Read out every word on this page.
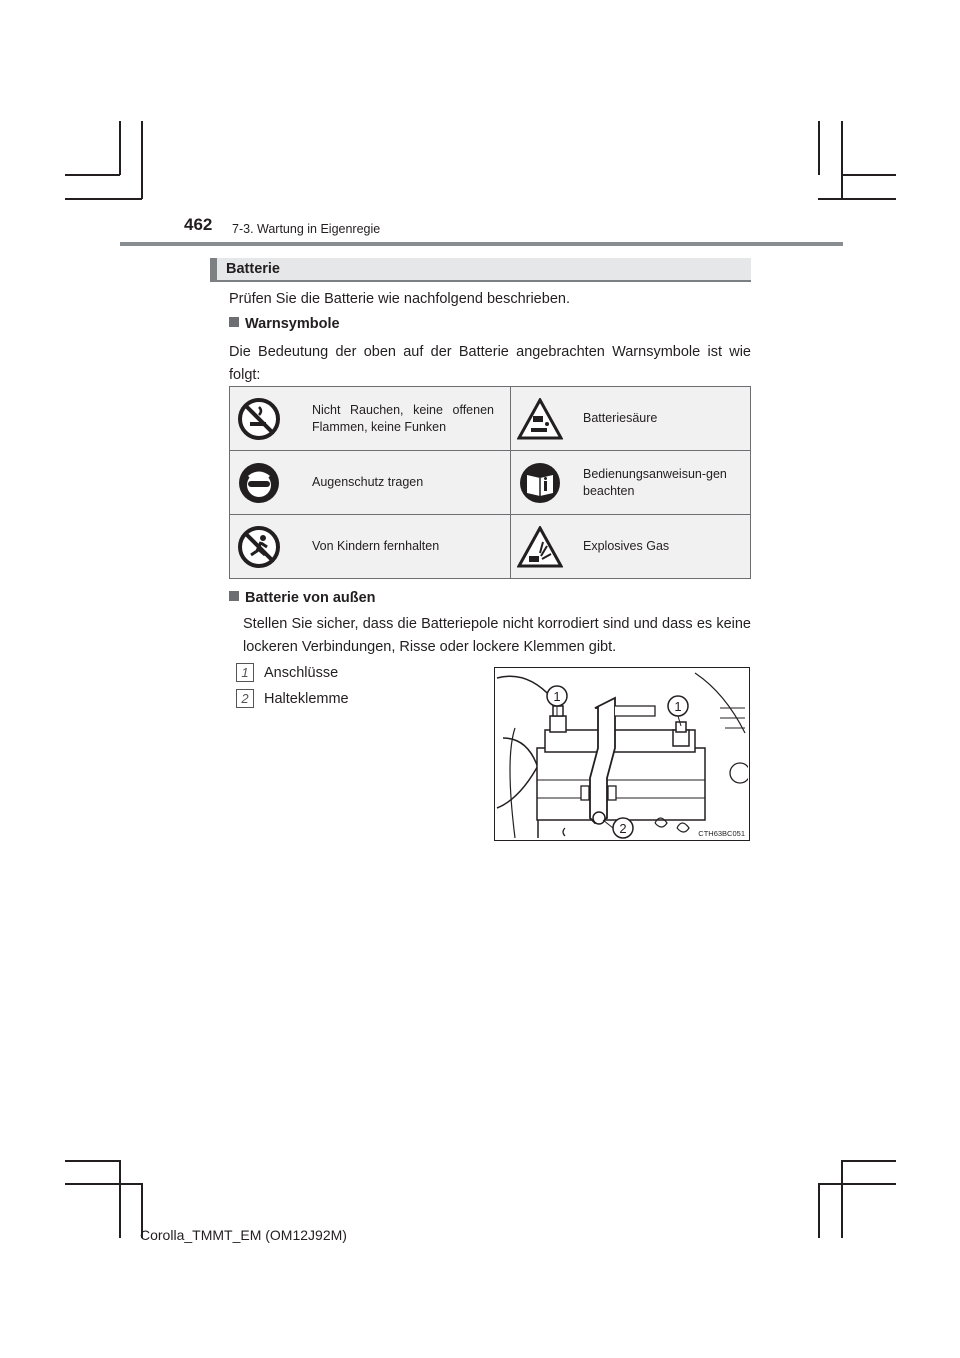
462 7-3. Wartung in Eigenregie
Batterie
Prüfen Sie die Batterie wie nachfolgend beschrieben.
Warnsymbole
Die Bedeutung der oben auf der Batterie angebrachten Warnsymbole ist wie folgt:
	Nicht Rauchen, keine offenen Flammen, keine Funken		Batteriesäure

	Augenschutz tragen		Bedienungsanweisun-gen beachten

	Von Kindern fernhalten		Explosives Gas
Batterie von außen
Stellen Sie sicher, dass die Batteriepole nicht korrodiert sind und dass es keine lockeren Verbindungen, Risse oder lockere Klemmen gibt.
1 Anschlüsse
2 Halteklemme	1
1
2	CTH63BC051
Corolla_TMMT_EM (OM12J92M)
